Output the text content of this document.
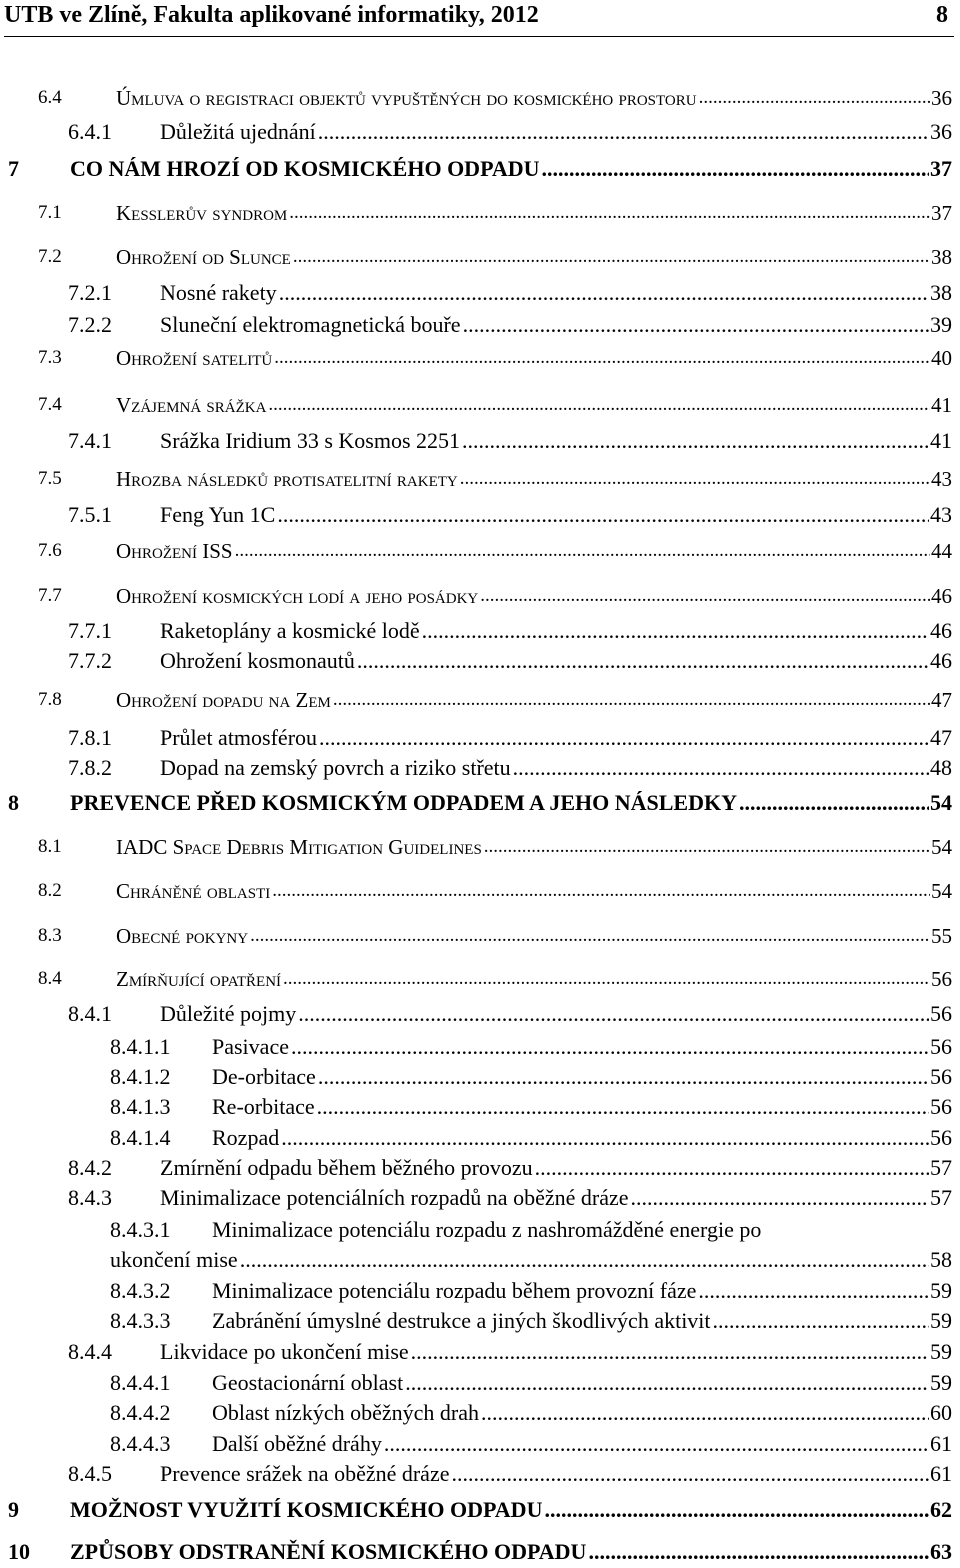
UTB ve Zlíně, Fakulta aplikované informatiky, 2012	8
6.4	Úmluva o registraci objektů vypuštěných do kosmického prostoru .....	36
6.4.1 Důležitá ujednání .....	36
7 CO NÁM HROZÍ OD KOSMICKÉHO ODPADU .....	37
7.1	Kesslerův syndrom .....	37
7.2	Ohrožení od Slunce .....	38
7.2.1 Nosné rakety .....	38
7.2.2 Sluneční elektromagnetická bouře .....	39
7.3	Ohrožení satelitů .....	40
7.4	Vzájemná srážka .....	41
7.4.1 Srážka Iridium 33 s Kosmos 2251 .....	41
7.5	Hrozba následků protisatelitní rakety .....	43
7.5.1 Feng Yun 1C .....	43
7.6	Ohrožení ISS .....	44
7.7	Ohrožení kosmických lodí a jeho posádky .....	46
7.7.1 Raketoplány a kosmické lodě .....	46
7.7.2 Ohrožení kosmonautů .....	46
7.8	Ohrožení dopadu na Zem .....	47
7.8.1 Průlet atmosférou .....	47
7.8.2 Dopad na zemský povrch a riziko střetu .....	48
8 PREVENCE PŘED KOSMICKÝM ODPADEM A JEHO NÁSLEDKY .....	54
8.1	IADC Space Debris Mitigation Guidelines .....	54
8.2	Chráněné oblasti .....	54
8.3	Obecné pokyny .....	55
8.4	Zmírňující opatření .....	56
8.4.1 Důležité pojmy .....	56
8.4.1.1 Pasivace .....	56
8.4.1.2 De-orbitace .....	56
8.4.1.3 Re-orbitace .....	56
8.4.1.4 Rozpad .....	56
8.4.2 Zmírnění odpadu během běžného provozu .....	57
8.4.3 Minimalizace potenciálních rozpadů na oběžné dráze .....	57
8.4.3.1 Minimalizace potenciálu rozpadu z nashromážděné energie po
ukončení mise .....	58
8.4.3.2 Minimalizace potenciálu rozpadu během provozní fáze .....	59
8.4.3.3 Zabránění úmyslné destrukce a jiných škodlivých aktivit .....	59
8.4.4 Likvidace po ukončení mise .....	59
8.4.4.1 Geostacionární oblast .....	59
8.4.4.2 Oblast nízkých oběžných drah .....	60
8.4.4.3 Další oběžné dráhy .....	61
8.4.5 Prevence srážek na oběžné dráze .....	61
9 MOŽNOST VYUŽITÍ KOSMICKÉHO ODPADU .....	62
10 ZPŮSOBY ODSTRANĚNÍ KOSMICKÉHO ODPADU .....	63
